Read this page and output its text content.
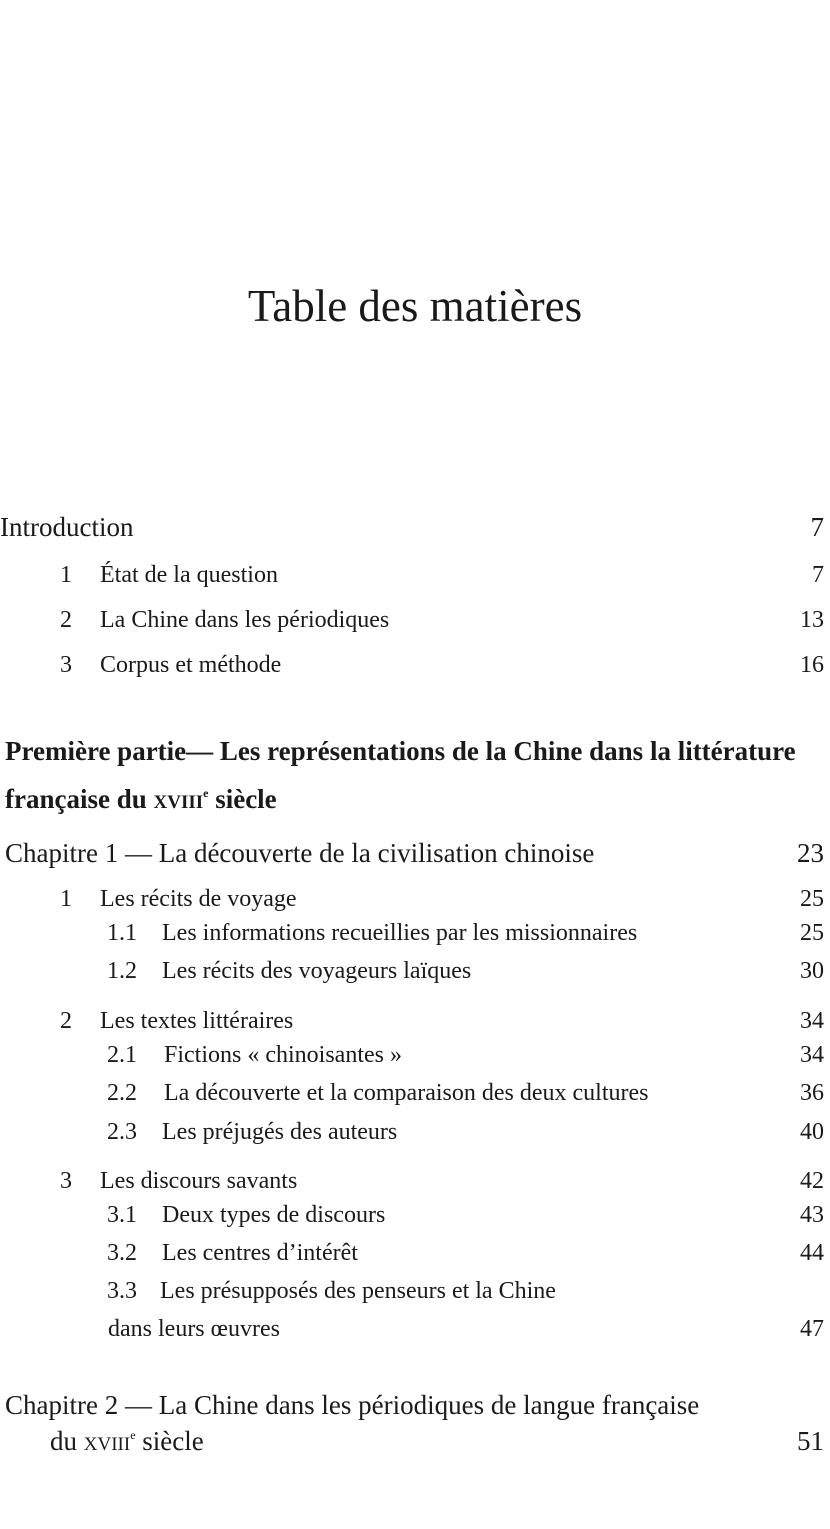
Table des matières
Introduction	7
1 État de la question	7
2 La Chine dans les périodiques	13
3 Corpus et méthode	16
Première partie— Les représentations de la Chine dans la littérature française du xviii$^e$ siècle
Chapitre 1 — La découverte de la civilisation chinoise	23
1 Les récits de voyage	25
1.1 Les informations recueillies par les missionnaires	25
1.2 Les récits des voyageurs laïques	30
2 Les textes littéraires	34
2.1 Fictions « chinoisantes »	34
2.2 La découverte et la comparaison des deux cultures	36
2.3 Les préjugés des auteurs	40
3 Les discours savants	42
3.1 Deux types de discours	43
3.2 Les centres d’intérêt	44
3.3 Les présupposés des penseurs et la Chine
dans leurs œuvres	47
Chapitre 2 — La Chine dans les périodiques de langue française
du xviii$^e$ siècle	51
